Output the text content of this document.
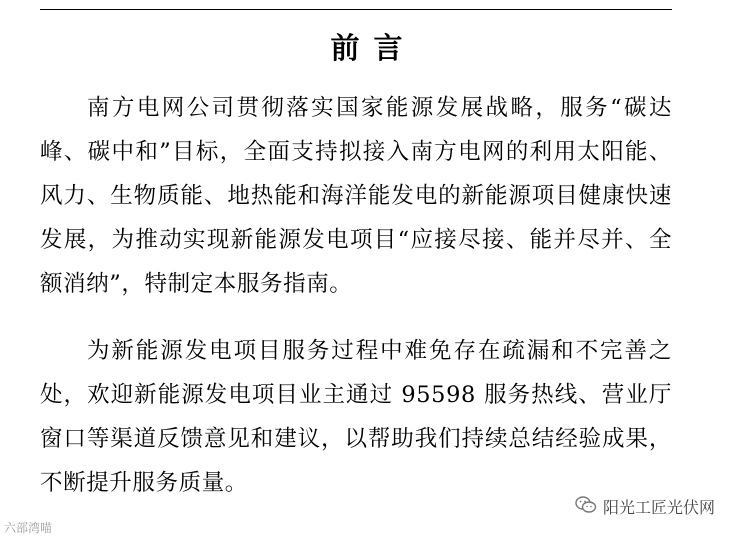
前言

南方电网公司贯彻落实国家能源发展战略，服务“碳达峰、碳中和”目标，全面支持拟接入南方电网的利用太阳能、风力、生物质能、地热能和海洋能发电的新能源项目健康快速发展，为推动实现新能源发电项目“应接尽接、能并尽并、全额消纳”，特制定本服务指南。

为新能源发电项目服务过程中难免存在疏漏和不完善之处，欢迎新能源发电项目业主通过 95598 服务热线、营业厅窗口等渠道反馈意见和建议，以帮助我们持续总结经验成果，不断提升服务质量。

六部湾喵
阳光工匠光伏网
